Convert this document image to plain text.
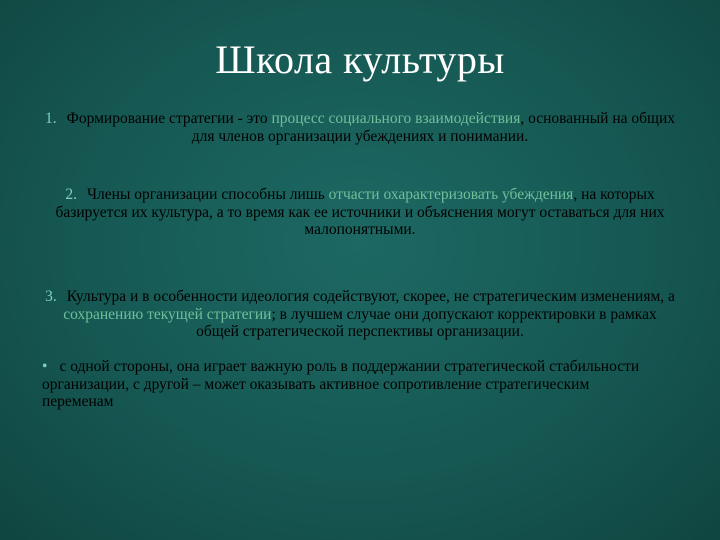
Школа культуры
1. Формирование стратегии - это процесс социального взаимодействия, основанный на общих для членов организации убеждениях и понимании.
2. Члены организации способны лишь отчасти охарактеризовать убеждения, на которых базируется их культура, а то время как ее источники и объяснения могут оставаться для них малопонятными.
3. Культура и в особенности идеология содействуют, скорее, не стратегическим изменениям, а сохранению текущей стратегии; в лучшем случае они допускают корректировки в рамках общей стратегической перспективы организации.
• с одной стороны, она играет важную роль в поддержании стратегической стабильности организации, с другой – может оказывать активное сопротивление стратегическим переменам
